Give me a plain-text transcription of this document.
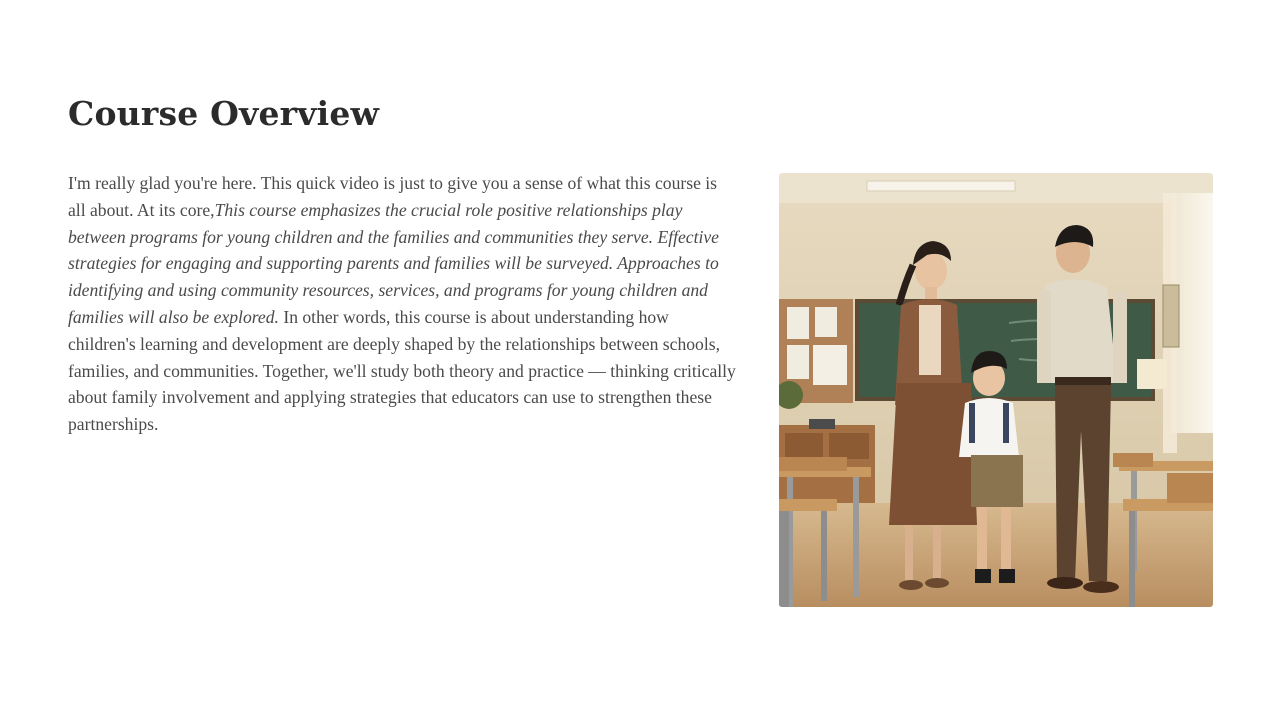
Course Overview

I'm really glad you're here. This quick video is just to give you a sense of what this course is all about. At its core,This course emphasizes the crucial role positive relationships play between programs for young children and the families and communities they serve. Effective strategies for engaging and supporting parents and families will be surveyed. Approaches to identifying and using community resources, services, and programs for young children and families will also be explored. In other words, this course is about understanding how children's learning and development are deeply shaped by the relationships between schools, families, and communities. Together, we'll study both theory and practice — thinking critically about family involvement and applying strategies that educators can use to strengthen these partnerships.
